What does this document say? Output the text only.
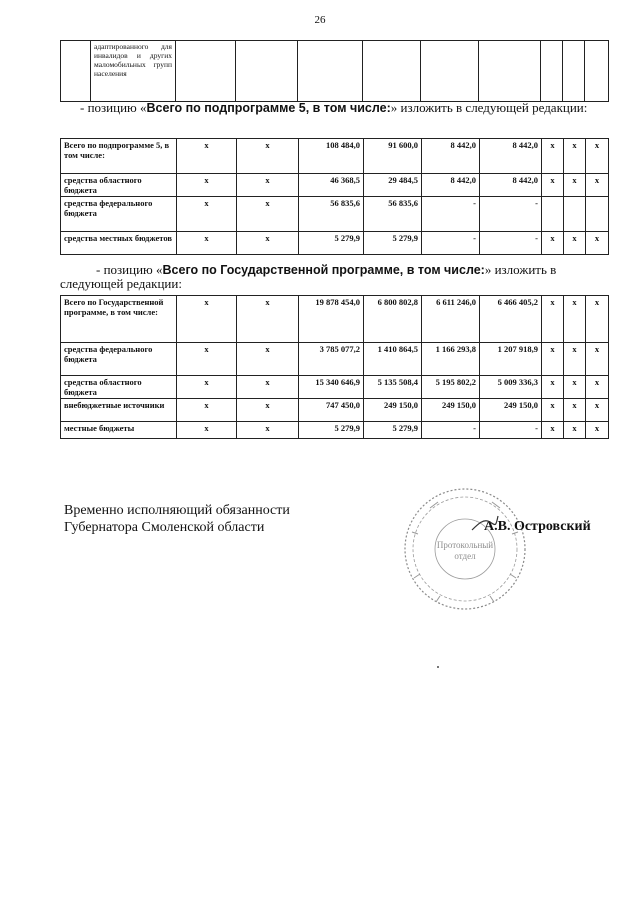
26
	адаптированного для инвалидов и других маломобильных групп населения									
- позицию «Всего по подпрограмме 5, в том числе:» изложить в следующей редакции:
Всего по подпрограмме 5, в том числе:	x	x	108 484,0	91 600,0	8 442,0	8 442,0	x	x	x
средства областного бюджета	x	x	46 368,5	29 484,5	8 442,0	8 442,0	x	x	x
средства федерального бюджета	x	x	56 835,6	56 835,6	-	-			
средства местных бюджетов	x	x	5 279,9	5 279,9	-	-	x	x	x
- позицию «Всего по Государственной программе, в том числе:» изложить в следующей редакции:
Всего по Государственной программе, в том числе:	x	x	19 878 454,0	6 800 802,8	6 611 246,0	6 466 405,2	x	x	x
средства федерального бюджета	x	x	3 785 077,2	1 410 864,5	1 166 293,8	1 207 918,9	x	x	x
средства областного бюджета	x	x	15 340 646,9	5 135 508,4	5 195 802,2	5 009 336,3	x	x	x
внебюджетные источники	x	x	747 450,0	249 150,0	249 150,0	249 150,0	x	x	x
местные бюджеты	x	x	5 279,9	5 279,9	-	-	x	x	x
Временно исполняющий обязанности
Губернатора Смоленской области
Протокольный
отдел
А.В. Островский
